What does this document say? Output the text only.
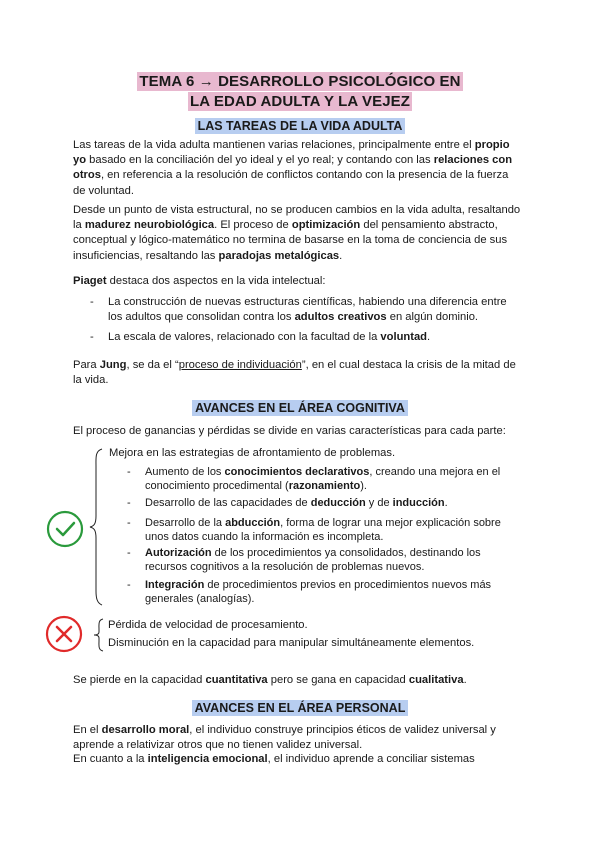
TEMA 6 → DESARROLLO PSICOLÓGICO EN
LA EDAD ADULTA Y LA VEJEZ
LAS TAREAS DE LA VIDA ADULTA
Las tareas de la vida adulta mantienen varias relaciones, principalmente entre el propio yo basado en la conciliación del yo ideal y el yo real; y contando con las relaciones con otros, en referencia a la resolución de conflictos contando con la presencia de la fuerza de voluntad.
Desde un punto de vista estructural, no se producen cambios en la vida adulta, resaltando la madurez neurobiológica. El proceso de optimización del pensamiento abstracto, conceptual y lógico-matemático no termina de basarse en la toma de conciencia de sus insuficiencias, resaltando las paradojas metalógicas.
Piaget destaca dos aspectos en la vida intelectual:
- La construcción de nuevas estructuras científicas, habiendo una diferencia entre los adultos que consolidan contra los adultos creativos en algún dominio.
- La escala de valores, relacionado con la facultad de la voluntad.
Para Jung, se da el “proceso de individuación”, en el cual destaca la crisis de la mitad de la vida.
AVANCES EN EL ÁREA COGNITIVA
El proceso de ganancias y pérdidas se divide en varias características para cada parte:
Mejora en las estrategias de afrontamiento de problemas.
- Aumento de los conocimientos declarativos, creando una mejora en el conocimiento procedimental (razonamiento).
- Desarrollo de las capacidades de deducción y de inducción.
- Desarrollo de la abducción, forma de lograr una mejor explicación sobre unos datos cuando la información es incompleta.
- Autorización de los procedimientos ya consolidados, destinando los recursos cognitivos a la resolución de problemas nuevos.
- Integración de procedimientos previos en procedimientos nuevos más generales (analogías).
Pérdida de velocidad de procesamiento.
Disminución en la capacidad para manipular simultáneamente elementos.
Se pierde en la capacidad cuantitativa pero se gana en capacidad cualitativa.
AVANCES EN EL ÁREA PERSONAL
En el desarrollo moral, el individuo construye principios éticos de validez universal y aprende a relativizar otros que no tienen validez universal.
En cuanto a la inteligencia emocional, el individuo aprende a conciliar sistemas
